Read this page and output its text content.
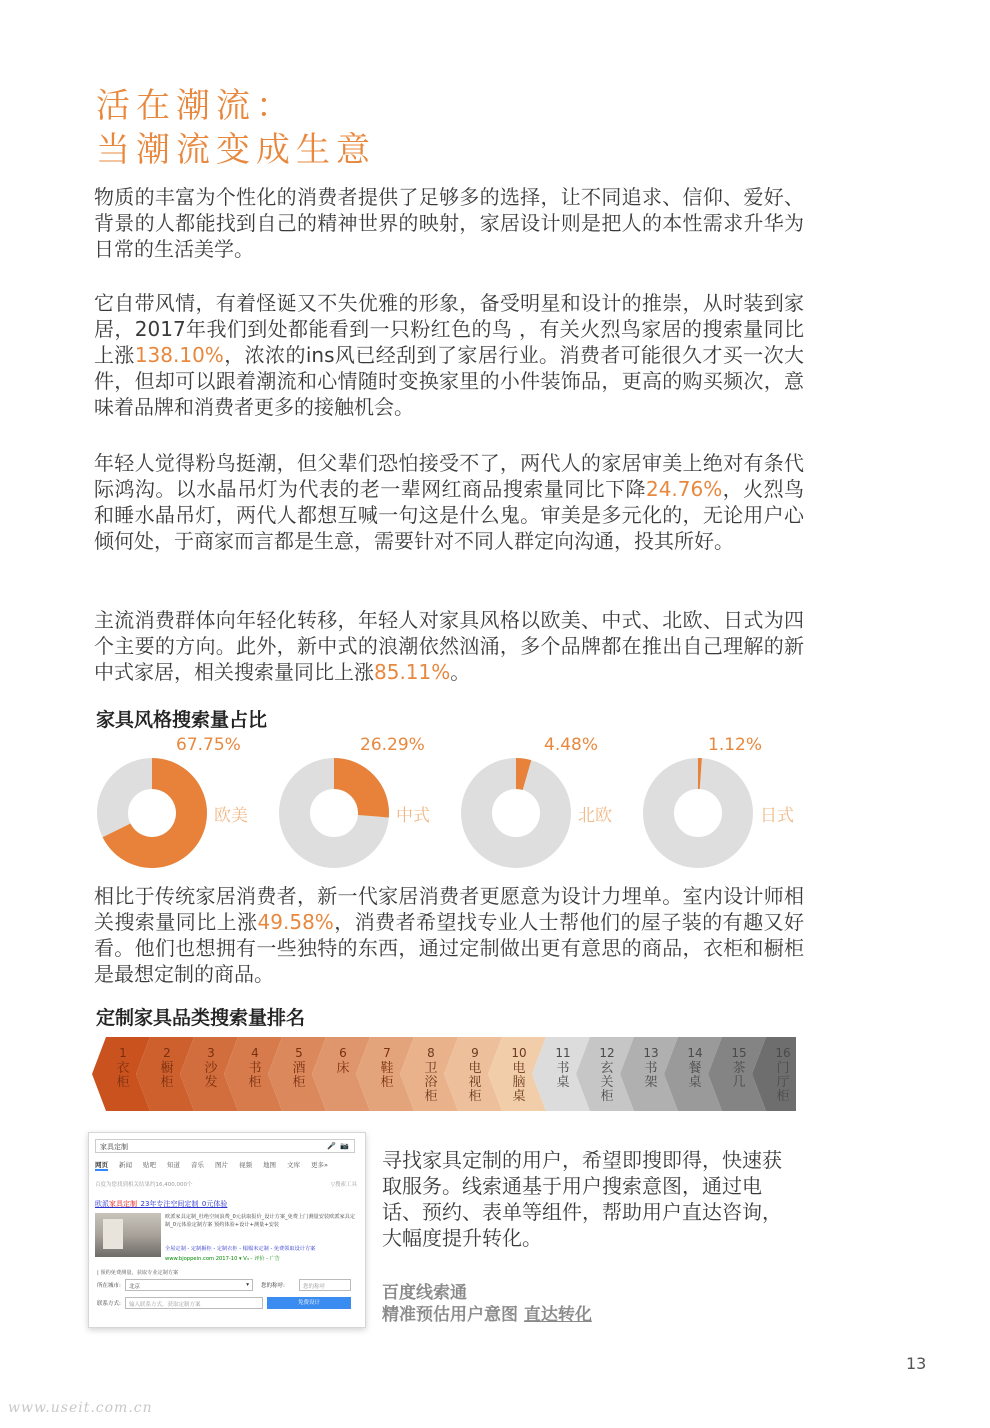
活在潮流：
当潮流变成生意
物质的丰富为个性化的消费者提供了足够多的选择，让不同追求、信仰、爱好、背景的人都能找到自己的精神世界的映射，家居设计则是把人的本性需求升华为日常的生活美学。
它自带风情，有着怪诞又不失优雅的形象，备受明星和设计的推崇，从时装到家居，2017年我们到处都能看到一只粉红色的鸟 ，有关火烈鸟家居的搜索量同比上涨138.10%，浓浓的ins风已经刮到了家居行业。消费者可能很久才买一次大件，但却可以跟着潮流和心情随时变换家里的小件装饰品，更高的购买频次，意味着品牌和消费者更多的接触机会。
年轻人觉得粉鸟挺潮，但父辈们恐怕接受不了，两代人的家居审美上绝对有条代际鸿沟。以水晶吊灯为代表的老一辈网红商品搜索量同比下降24.76%，火烈鸟和睡水晶吊灯，两代人都想互喊一句这是什么鬼。审美是多元化的，无论用户心倾何处，于商家而言都是生意，需要针对不同人群定向沟通，投其所好。
主流消费群体向年轻化转移，年轻人对家具风格以欧美、中式、北欧、日式为四个主要的方向。此外，新中式的浪潮依然汹涌，多个品牌都在推出自己理解的新中式家居，相关搜索量同比上涨85.11%。
家具风格搜索量占比
67.75%
欧美
26.29%
中式
4.48%
北欧
1.12%
日式
相比于传统家居消费者，新一代家居消费者更愿意为设计力埋单。室内设计师相关搜索量同比上涨49.58%，消费者希望找专业人士帮他们的屋子装的有趣又好看。他们也想拥有一些独特的东西，通过定制做出更有意思的商品，衣柜和橱柜是最想定制的商品。
定制家具品类搜索量排名
1
衣
柜
2
橱
柜
3
沙
发
4
书
柜
5
酒
柜
6
床
7
鞋
柜
8
卫
浴
柜
9
电
视
柜
10
电
脑
桌
11
书
桌
12
玄
关
柜
13
书
架
14
餐
桌
15
茶
几
16
门
厅
柜
家具定制	🎤 📷
网页 新闻 贴吧 知道 音乐 图片 视频 地图 文库 更多»
百度为您找到相关结果约16,400,000个	▽搜索工具
欧派家具定制_23年专注空间定制_0元体验
欧派家具定制_杜绝空间浪费_0元获取报价_设计方案_免费上门测量安装欧派家具定制_0元体验定制方案 预约体验+设计+测量+安装
全屋定制 - 定制橱柜 - 定制衣柜 - 榻榻米定制 - 免费领取设计方案
www.bjoppein.com 2017-10 ▾ V₃ - 评价 - 广告
| 预约免费测量，获取专业定制方案
所在城市:	北京	▾ 您的称呼:	您的称呼
联系方式:	输入联系方式，获取定制方案	免费设计
寻找家具定制的用户，希望即搜即得，快速获取服务。线索通基于用户搜索意图，通过电话、预约、表单等组件，帮助用户直达咨询，大幅度提升转化。
百度线索通
精准预估用户意图 直达转化
13
www.useit.com.cn
